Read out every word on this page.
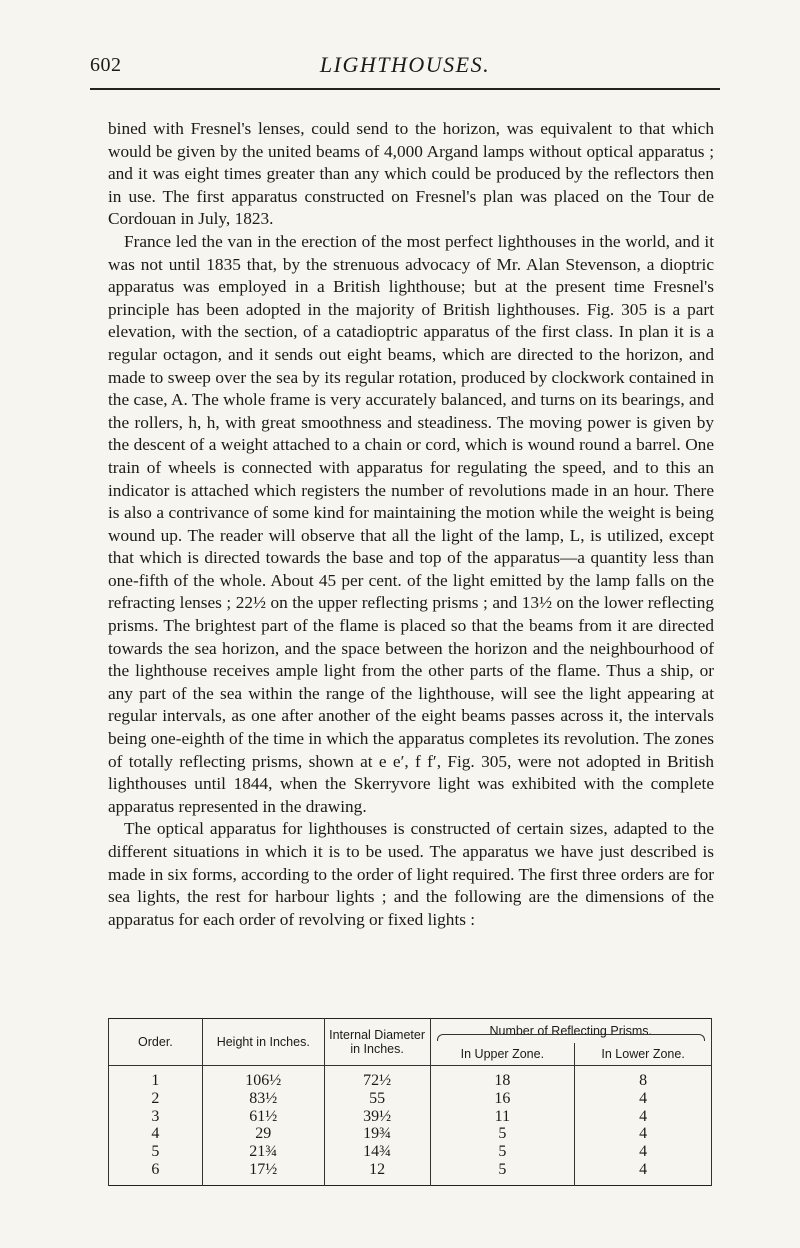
602	LIGHTHOUSES.

bined with Fresnel's lenses, could send to the horizon, was equivalent to that which would be given by the united beams of 4,000 Argand lamps without optical apparatus ; and it was eight times greater than any which could be produced by the reflectors then in use. The first apparatus constructed on Fresnel's plan was placed on the Tour de Cordouan in July, 1823.

France led the van in the erection of the most perfect lighthouses in the world, and it was not until 1835 that, by the strenuous advocacy of Mr. Alan Stevenson, a dioptric apparatus was employed in a British lighthouse; but at the present time Fresnel's principle has been adopted in the majority of British lighthouses. Fig. 305 is a part elevation, with the section, of a catadioptric apparatus of the first class. In plan it is a regular octagon, and it sends out eight beams, which are directed to the horizon, and made to sweep over the sea by its regular rotation, produced by clockwork contained in the case, A. The whole frame is very accurately balanced, and turns on its bearings, and the rollers, h, h, with great smoothness and steadiness. The moving power is given by the descent of a weight attached to a chain or cord, which is wound round a barrel. One train of wheels is connected with apparatus for regulating the speed, and to this an indicator is attached which registers the number of revolutions made in an hour. There is also a contrivance of some kind for maintaining the motion while the weight is being wound up. The reader will observe that all the light of the lamp, L, is utilized, except that which is directed towards the base and top of the apparatus—a quantity less than one-fifth of the whole. About 45 per cent. of the light emitted by the lamp falls on the refracting lenses ; 22½ on the upper reflecting prisms ; and 13½ on the lower reflecting prisms. The brightest part of the flame is placed so that the beams from it are directed towards the sea horizon, and the space between the horizon and the neighbourhood of the lighthouse receives ample light from the other parts of the flame. Thus a ship, or any part of the sea within the range of the lighthouse, will see the light appearing at regular intervals, as one after another of the eight beams passes across it, the intervals being one-eighth of the time in which the apparatus completes its revolution. The zones of totally reflecting prisms, shown at e e′, f f′, Fig. 305, were not adopted in British lighthouses until 1844, when the Skerryvore light was exhibited with the complete apparatus represented in the drawing.

The optical apparatus for lighthouses is constructed of certain sizes, adapted to the different situations in which it is to be used. The apparatus we have just described is made in six forms, according to the order of light required. The first three orders are for sea lights, the rest for harbour lights ; and the following are the dimensions of the apparatus for each order of revolving or fixed lights :

Order.	Height in Inches.	Internal Diameter in Inches.	Number of Reflecting Prisms.	

			In Upper Zone.	In Lower Zone.
1	106½	72½	18	8
2	83½	55	16	4
3	61½	39½	11	4
4	29	19¾	5	4
5	21¾	14¾	5	4
6	17½	12	5	4
